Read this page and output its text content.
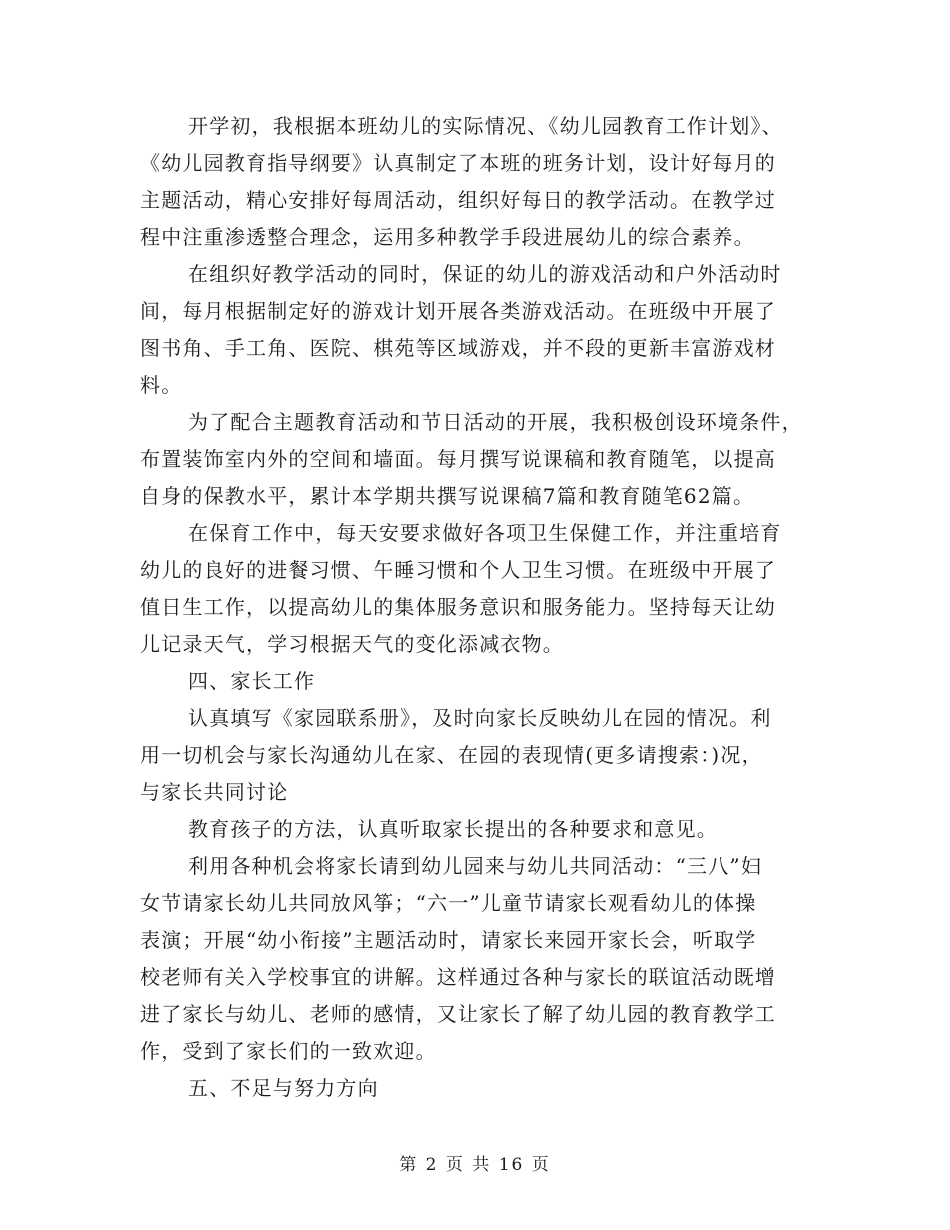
开学初，我根据本班幼儿的实际情况、《幼儿园教育工作计划》、
《幼儿园教育指导纲要》认真制定了本班的班务计划，设计好每月的
主题活动，精心安排好每周活动，组织好每日的教学活动。在教学过
程中注重渗透整合理念，运用多种教学手段进展幼儿的综合素养。
在组织好教学活动的同时，保证的幼儿的游戏活动和户外活动时
间，每月根据制定好的游戏计划开展各类游戏活动。在班级中开展了
图书角、手工角、医院、棋苑等区域游戏，并不段的更新丰富游戏材
料。
为了配合主题教育活动和节日活动的开展，我积极创设环境条件，
布置装饰室内外的空间和墙面。每月撰写说课稿和教育随笔，以提高
自身的保教水平，累计本学期共撰写说课稿7篇和教育随笔62篇。
在保育工作中，每天安要求做好各项卫生保健工作，并注重培育
幼儿的良好的进餐习惯、午睡习惯和个人卫生习惯。在班级中开展了
值日生工作，以提高幼儿的集体服务意识和服务能力。坚持每天让幼
儿记录天气，学习根据天气的变化添减衣物。
四、家长工作
认真填写《家园联系册》，及时向家长反映幼儿在园的情况。利
用一切机会与家长沟通幼儿在家、在园的表现情(更多请搜索：)况，
与家长共同讨论
教育孩子的方法，认真听取家长提出的各种要求和意见。
利用各种机会将家长请到幼儿园来与幼儿共同活动：“三八”妇
女节请家长幼儿共同放风筝；“六一”儿童节请家长观看幼儿的体操
表演；开展“幼小衔接”主题活动时，请家长来园开家长会，听取学
校老师有关入学校事宜的讲解。这样通过各种与家长的联谊活动既增
进了家长与幼儿、老师的感情，又让家长了解了幼儿园的教育教学工
作，受到了家长们的一致欢迎。
五、不足与努力方向
第 2 页 共 16 页
